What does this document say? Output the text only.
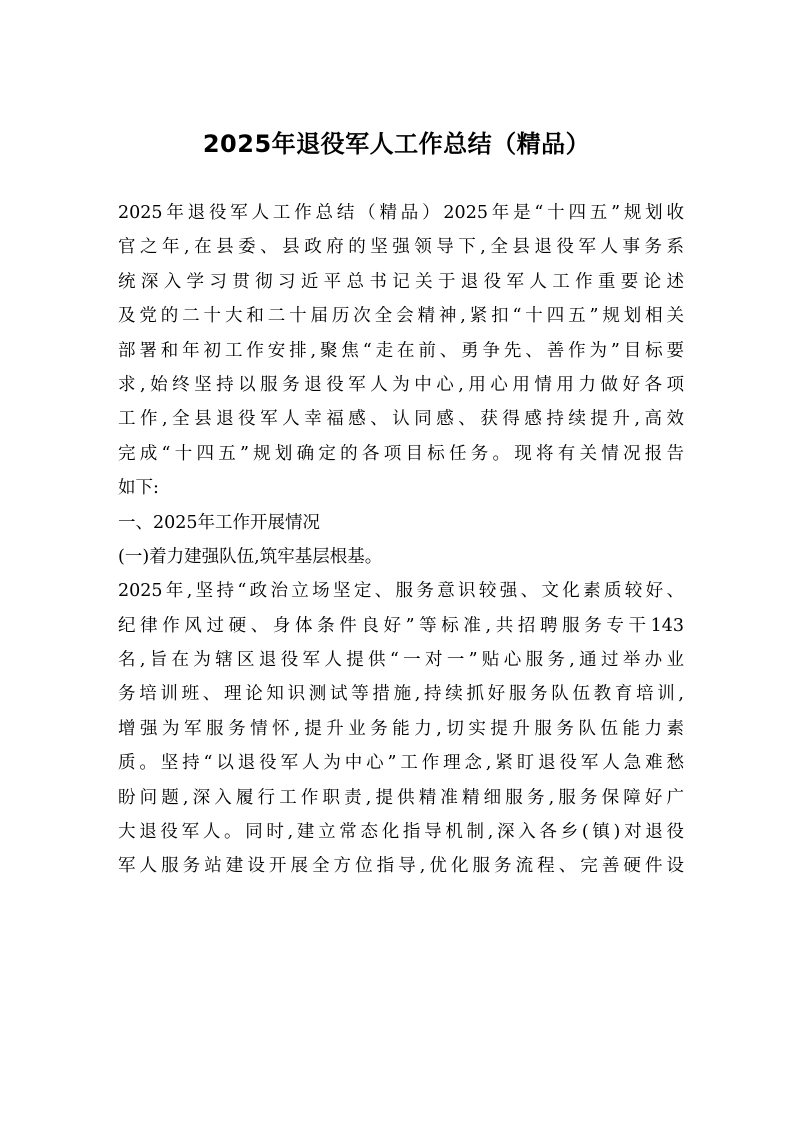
2025年退役军人工作总结（精品）
2025年退役军人工作总结（精品）2025年是“十四五”规划收
官之年,在县委、县政府的坚强领导下,全县退役军人事务系
统深入学习贯彻习近平总书记关于退役军人工作重要论述
及党的二十大和二十届历次全会精神,紧扣“十四五”规划相关
部署和年初工作安排,聚焦“走在前、勇争先、善作为”目标要
求,始终坚持以服务退役军人为中心,用心用情用力做好各项
工作,全县退役军人幸福感、认同感、获得感持续提升,高效
完成“十四五”规划确定的各项目标任务。现将有关情况报告
如下:
一、2025年工作开展情况
(一)着力建强队伍,筑牢基层根基。
2025年,坚持“政治立场坚定、服务意识较强、文化素质较好、
纪律作风过硬、身体条件良好”等标准,共招聘服务专干143
名,旨在为辖区退役军人提供“一对一”贴心服务,通过举办业
务培训班、理论知识测试等措施,持续抓好服务队伍教育培训,
增强为军服务情怀,提升业务能力,切实提升服务队伍能力素
质。坚持“以退役军人为中心”工作理念,紧盯退役军人急难愁
盼问题,深入履行工作职责,提供精准精细服务,服务保障好广
大退役军人。同时,建立常态化指导机制,深入各乡(镇)对退役
军人服务站建设开展全方位指导,优化服务流程、完善硬件设
